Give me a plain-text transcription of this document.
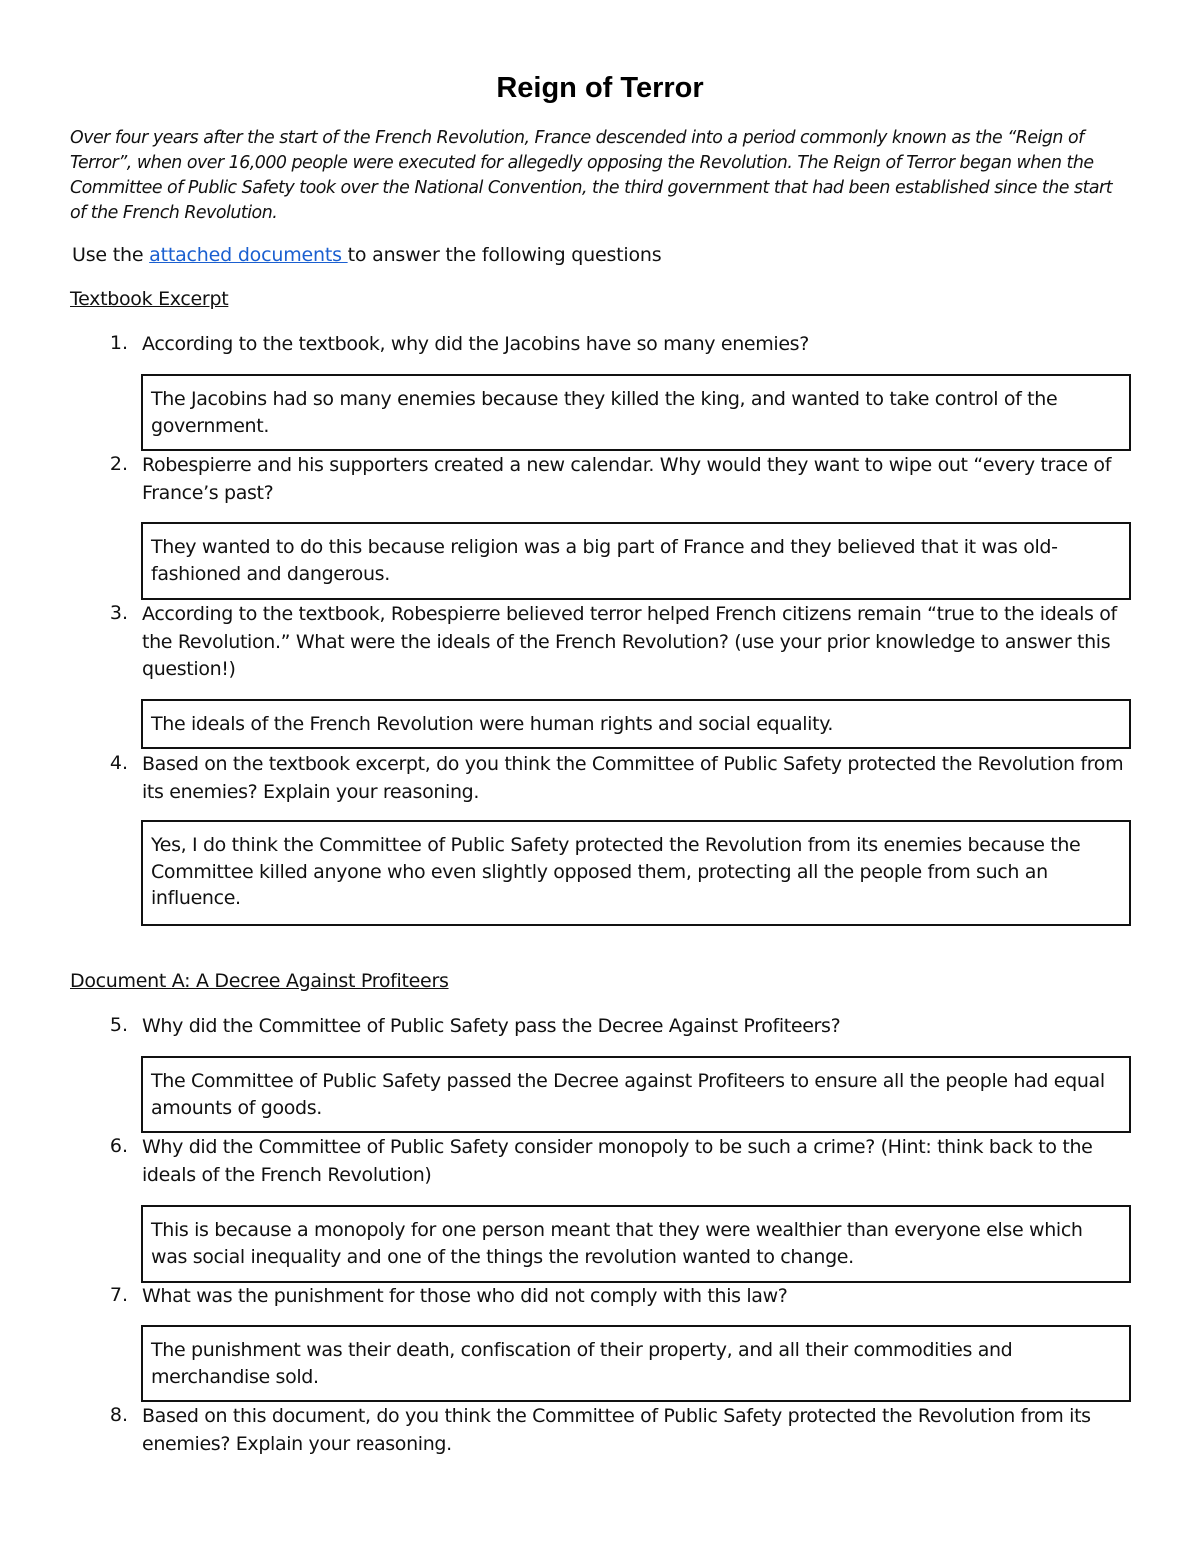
Reign of Terror

Over four years after the start of the French Revolution, France descended into a period commonly known as the “Reign of Terror”, when over 16,000 people were executed for allegedly opposing the Revolution. The Reign of Terror began when the Committee of Public Safety took over the National Convention, the third government that had been established since the start of the French Revolution.

Use the attached documents to answer the following questions
Textbook Excerpt
1. According to the textbook, why did the Jacobins have so many enemies?
The Jacobins had so many enemies because they killed the king, and wanted to take control of the government.
2. Robespierre and his supporters created a new calendar. Why would they want to wipe out “every trace of France’s past?
They wanted to do this because religion was a big part of France and they believed that it was old-fashioned and dangerous.
3. According to the textbook, Robespierre believed terror helped French citizens remain “true to the ideals of the Revolution.” What were the ideals of the French Revolution? (use your prior knowledge to answer this question!)
The ideals of the French Revolution were human rights and social equality.
4. Based on the textbook excerpt, do you think the Committee of Public Safety protected the Revolution from its enemies? Explain your reasoning.
Yes, I do think the Committee of Public Safety protected the Revolution from its enemies because the Committee killed anyone who even slightly opposed them, protecting all the people from such an influence.
Document A: A Decree Against Profiteers
5. Why did the Committee of Public Safety pass the Decree Against Profiteers?
The Committee of Public Safety passed the Decree against Profiteers to ensure all the people had equal amounts of goods.
6. Why did the Committee of Public Safety consider monopoly to be such a crime? (Hint: think back to the ideals of the French Revolution)
This is because a monopoly for one person meant that they were wealthier than everyone else which was social inequality and one of the things the revolution wanted to change.
7. What was the punishment for those who did not comply with this law?
The punishment was their death, confiscation of their property, and all their commodities and merchandise sold.
8. Based on this document, do you think the Committee of Public Safety protected the Revolution from its enemies? Explain your reasoning.
